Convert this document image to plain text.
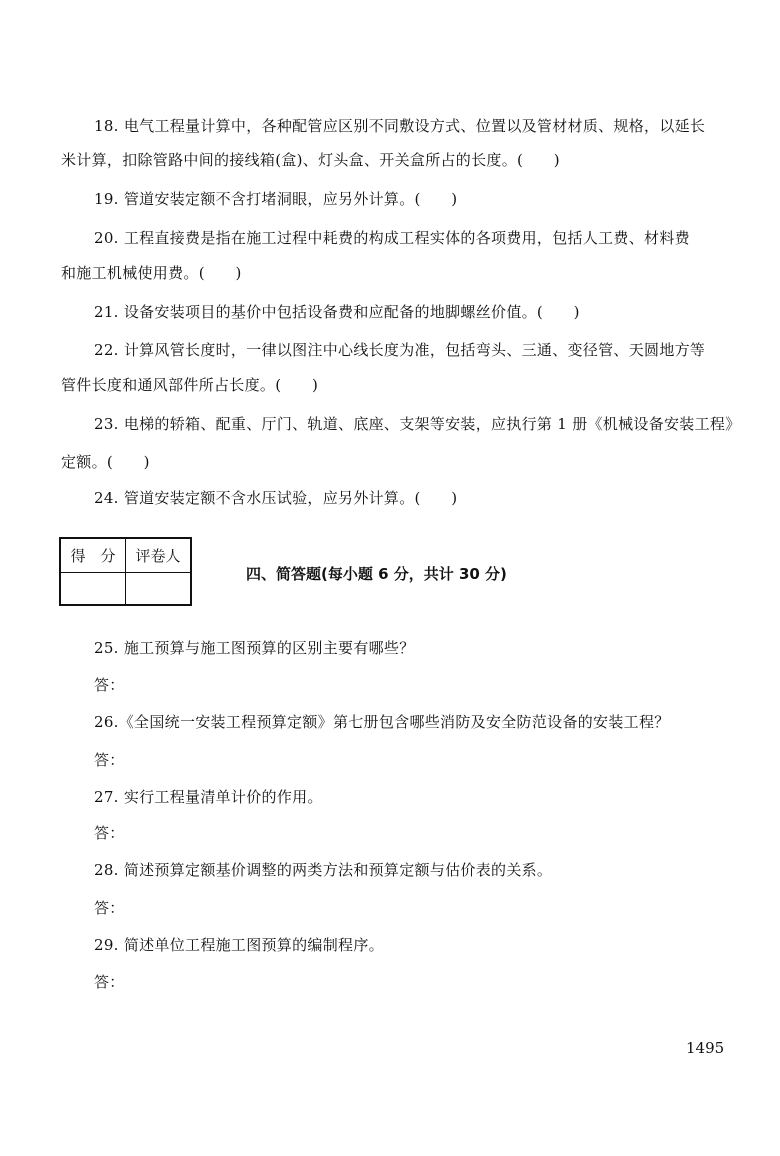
18. 电气工程量计算中，各种配管应区别不同敷设方式、位置以及管材材质、规格，以延长
米计算，扣除管路中间的接线箱(盒)、灯头盒、开关盒所占的长度。(　　)
19. 管道安装定额不含打堵洞眼，应另外计算。(　　)
20. 工程直接费是指在施工过程中耗费的构成工程实体的各项费用，包括人工费、材料费
和施工机械使用费。(　　)
21. 设备安装项目的基价中包括设备费和应配备的地脚螺丝价值。(　　)
22. 计算风管长度时，一律以图注中心线长度为准，包括弯头、三通、变径管、天圆地方等
管件长度和通风部件所占长度。(　　)
23. 电梯的轿箱、配重、厅门、轨道、底座、支架等安装，应执行第 1 册《机械设备安装工程》
定额。(　　)
24. 管道安装定额不含水压试验，应另外计算。(　　)
得　分	评卷人

四、简答题(每小题 6 分，共计 30 分)
25. 施工预算与施工图预算的区别主要有哪些？
答：
26.《全国统一安装工程预算定额》第七册包含哪些消防及安全防范设备的安装工程？
答：
27. 实行工程量清单计价的作用。
答：
28. 简述预算定额基价调整的两类方法和预算定额与估价表的关系。
答：
29. 简述单位工程施工图预算的编制程序。
答：
1495
